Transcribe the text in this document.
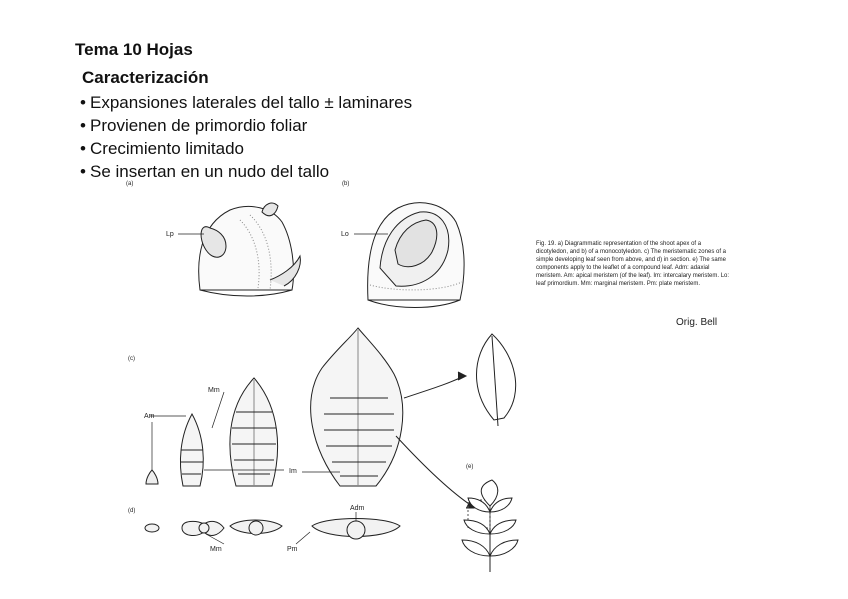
Tema 10 Hojas
Caracterización
• Expansiones laterales del tallo ± laminares
• Provienen de primordio foliar
• Crecimiento limitado
• Se insertan en un nudo del tallo
(a)	(b)
(c)
(d)
(e)
Lp	Lo
Am
Mm
Im
Adm
Mm	Pm
Fig. 19. a) Diagrammatic representation of the shoot apex of a dicotyledon, and b) of a monocotyledon. c) The meristematic zones of a simple developing leaf seen from above, and d) in section. e) The same components apply to the leaflet of a compound leaf. Adm: adaxial meristem. Am: apical meristem (of the leaf). Im: intercalary meristem. Lo: leaf primordium. Mm: marginal meristem. Pm: plate meristem.
Orig. Bell
